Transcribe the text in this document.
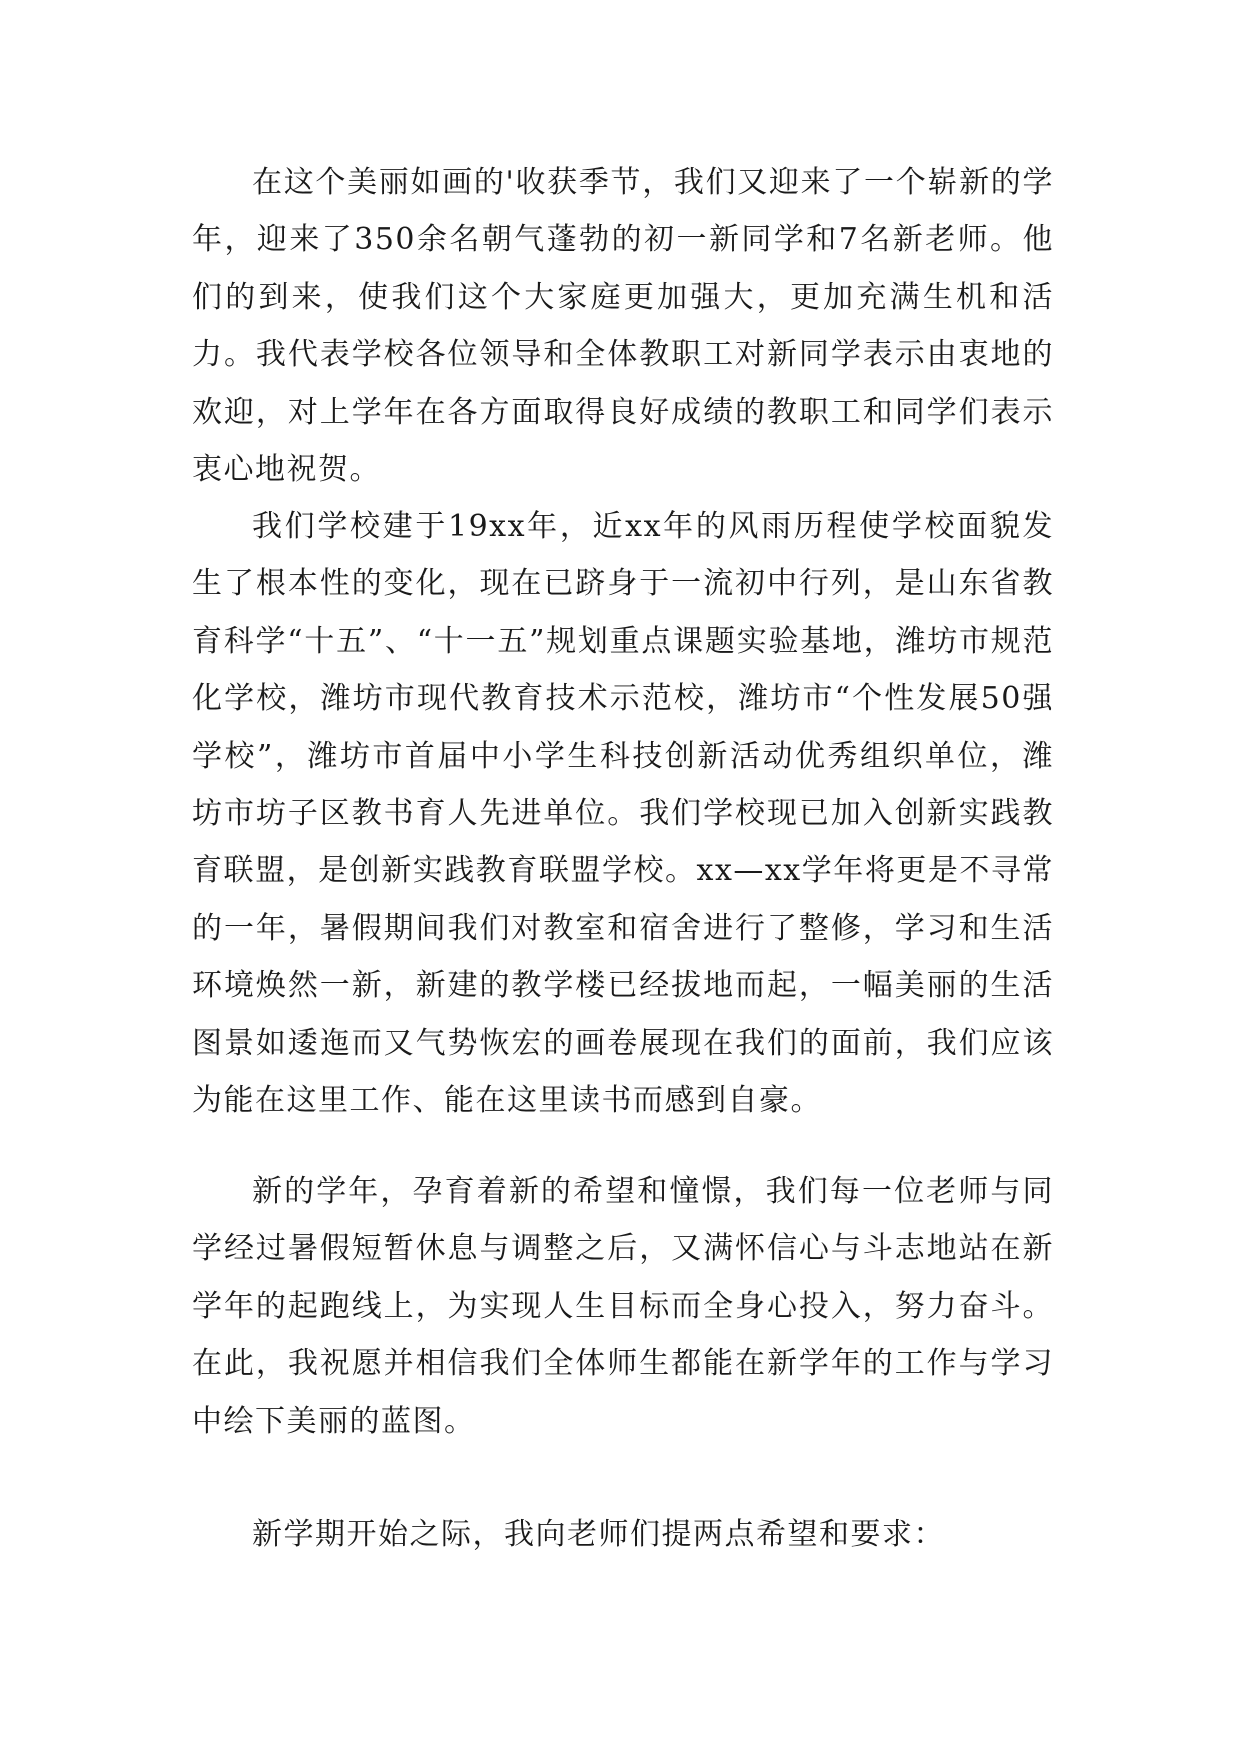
在这个美丽如画的'收获季节，我们又迎来了一个崭新的学年，迎来了350余名朝气蓬勃的初一新同学和7名新老师。他们的到来，使我们这个大家庭更加强大，更加充满生机和活力。我代表学校各位领导和全体教职工对新同学表示由衷地的欢迎，对上学年在各方面取得良好成绩的教职工和同学们表示衷心地祝贺。

我们学校建于19xx年，近xx年的风雨历程使学校面貌发生了根本性的变化，现在已跻身于一流初中行列，是山东省教育科学“十五”、“十一五”规划重点课题实验基地，潍坊市规范化学校，潍坊市现代教育技术示范校，潍坊市“个性发展50强学校”，潍坊市首届中小学生科技创新活动优秀组织单位，潍坊市坊子区教书育人先进单位。我们学校现已加入创新实践教育联盟，是创新实践教育联盟学校。xx—xx学年将更是不寻常的一年，暑假期间我们对教室和宿舍进行了整修，学习和生活环境焕然一新，新建的教学楼已经拔地而起，一幅美丽的生活图景如逶迤而又气势恢宏的画卷展现在我们的面前，我们应该为能在这里工作、能在这里读书而感到自豪。

新的学年，孕育着新的希望和憧憬，我们每一位老师与同学经过暑假短暂休息与调整之后，又满怀信心与斗志地站在新学年的起跑线上，为实现人生目标而全身心投入，努力奋斗。在此，我祝愿并相信我们全体师生都能在新学年的工作与学习中绘下美丽的蓝图。

新学期开始之际，我向老师们提两点希望和要求：
